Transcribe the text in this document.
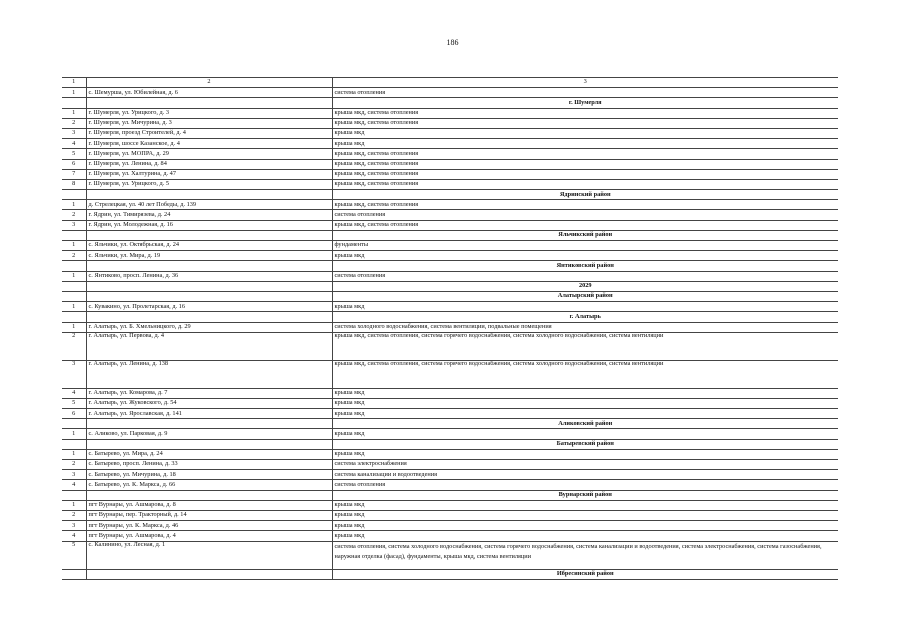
186
1	2	3
1	с. Шемурша, ул. Юбилейная, д. 6	система отопления
		г. Шумерля
1	г. Шумерля, ул. Урицкого, д. 3	крыша мкд, система отопления
2	г. Шумерля, ул. Мичурина, д. 3	крыша мкд, система отопления
3	г. Шумерля, проезд Строителей, д. 4	крыша мкд
4	г. Шумерля, шоссе Казанское, д. 4	крыша мкд
5	г. Шумерля, ул. МОПРА, д. 29	крыша мкд, система отопления
6	г. Шумерля, ул. Ленина, д. 84	крыша мкд, система отопления
7	г. Шумерля, ул. Халтурина, д. 47	крыша мкд, система отопления
8	г. Шумерля, ул. Урицкого, д. 5	крыша мкд, система отопления
		Ядринский район
1	д. Стрелецкая, ул. 40 лет Победы, д. 139	крыша мкд, система отопления
2	г. Ядрин, ул. Тимирязева, д. 24	система отопления
3	г. Ядрин, ул. Молодежная, д. 16	крыша мкд, система отопления
		Яльчикский район
1	с. Яльчики, ул. Октябрьская, д. 24	фундаменты
2	с. Яльчики, ул. Мира, д. 19	крыша мкд
		Янтиковский район
1	с. Янтиково, просп. Ленина, д. 36	система отопления
		2029
		Алатырский район
1	с. Кувакино, ул. Пролетарская, д. 16	крыша мкд
		г. Алатырь
1	г. Алатырь, ул. Б. Хмельницкого, д. 29	система холодного водоснабжения, система вентиляции, подвальные помещения
2	г. Алатырь, ул. Первова, д. 4	крыша мкд, система отопления, система горячего водоснабжения, система холодного водоснабжения, система вентиляции
3	г. Алатырь, ул. Ленина, д. 138	крыша мкд, система отопления, система горячего водоснабжения, система холодного водоснабжения, система вентиляции
4	г. Алатырь, ул. Комарова, д. 7	крыша мкд
5	г. Алатырь, ул. Жуковского, д. 54	крыша мкд
6	г. Алатырь, ул. Ярославская, д. 141	крыша мкд
		Аликовский район
1	с. Аликово, ул. Парковая, д. 9	крыша мкд
		Батыревский район
1	с. Батырево, ул. Мира, д. 24	крыша мкд
2	с. Батырево, просп. Ленина, д. 33	система электроснабжения
3	с. Батырево, ул. Мичурина, д. 18	система канализации и водоотведения
4	с. Батырево, ул. К. Маркса, д. 66	система отопления
		Вурнарский район
1	пгт Вурнары, ул. Ашмарова, д. 8	крыша мкд
2	пгт Вурнары, пер. Тракторный, д. 14	крыша мкд
3	пгт Вурнары, ул. К. Маркса, д. 46	крыша мкд
4	пгт Вурнары, ул. Ашмарова, д. 4	крыша мкд
5	с. Калинино, ул. Лесная, д. 1	система отопления, система холодного водоснабжения, система горячего водоснабжения, система канализации и водоотведения, система электроснабжения, система газоснабжения, наружная отделка (фасад), фундаменты, крыша мкд, система вентиляции
		Ибресинский район
